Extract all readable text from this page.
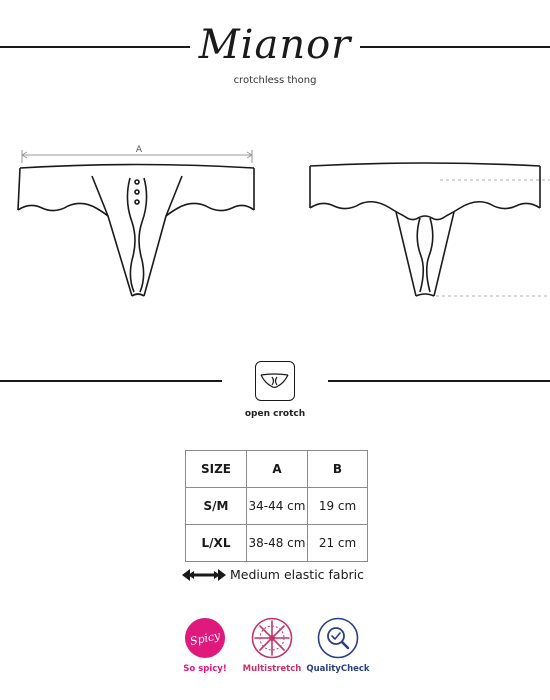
Mianor
crotchless thong
A
open crotch
SIZE	A	B
S/M	34-44 cm	19 cm
L/XL	38-48 cm	21 cm
Medium elastic fabric
Spicy
So spicy!	Multistretch QualityCheck
